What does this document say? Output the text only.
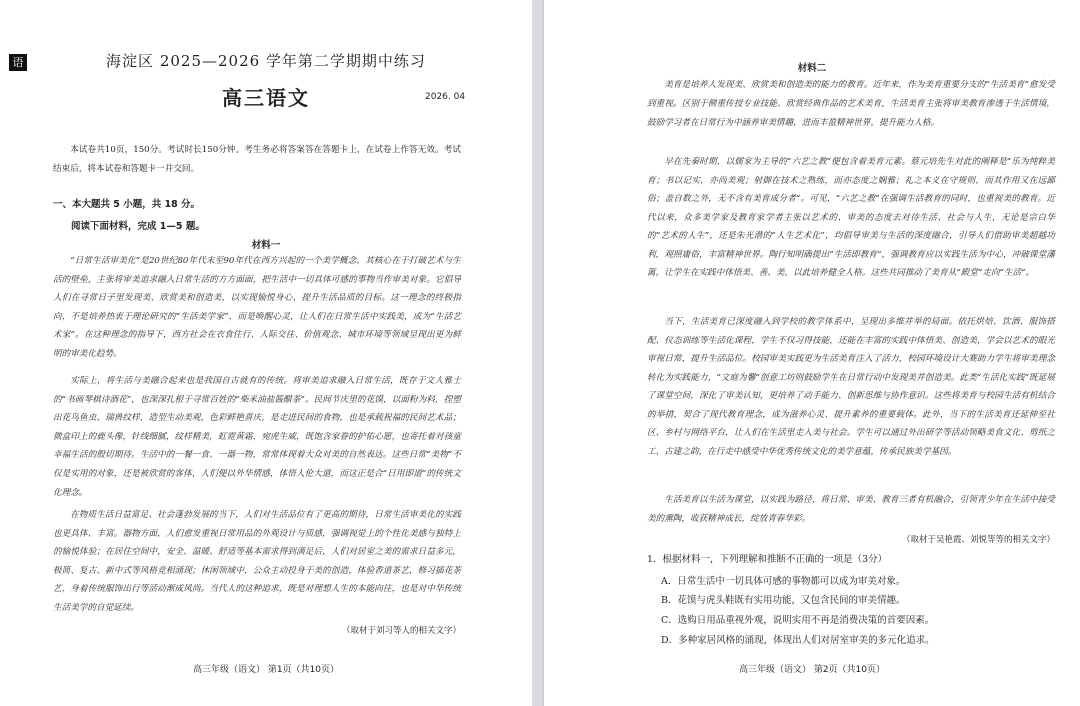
语	海淀区 2025—2026 学年第二学期期中练习
高三语文	2026. 04
本试卷共10页，150分。考试时长150分钟。考生务必将答案答在答题卡上，在试卷上作答无效。考试结束后，将本试卷和答题卡一并交回。
一、本大题共 5 小题，共 18 分。
阅读下面材料，完成 1—5 题。
材料一
“日常生活审美化”是20世纪80年代末至90年代在西方兴起的一个美学概念，其核心在于打破艺术与生活的壁垒，主张将审美追求融入日常生活的方方面面，把生活中一切具体可感的事物当作审美对象。它倡导人们在寻常日子里发现美、欣赏美和创造美，以实现愉悦身心、提升生活品质的目标。这一理念的终极指向，不是培养热衷于理论研究的“生活美学家”，而是唤醒心灵，让人们在日常生活中实践美，成为“生活艺术家”。在这种理念的指导下，西方社会在衣食住行、人际交往、价值观念、城市环境等领域呈现出更为鲜明的审美化趋势。
实际上，将生活与美融合起来也是我国自古就有的传统。将审美追求融入日常生活，既存于文人雅士的“书画琴棋诗酒花”，也深深扎根于寻常百姓的“柴米油盐酱醋茶”。民间节庆里的花馍，以面粉为料，捏塑出花鸟鱼虫、瑞兽纹样，造型生动美观，色彩鲜艳喜庆，是走进民间的食物，也是承载祝福的民间艺术品；微盒印上的鹿头像，针线细腻，纹样精美，虹霓黄霜，宛虎生威，既饱含家眷的护佑心愿，也寄托着对孩童幸福生活的殷切期待。生活中的一餐一食、一器一物，常常体现着大众对美的自然表达。这些日常“美物”不仅是实用的对象，还是被欣赏的客体，人们便以外华情感，体悟人伦大道，而这正是合“日用即道”的传统文化理念。
在物质生活日益富足、社会蓬勃发展的当下，人们对生活品位有了更高的期待，日常生活审美化的实践也更具体、丰富。器物方面，人们愈发重视日常用品的外观设计与质感，强调视觉上的个性化美感与独特上的愉悦体验；在居住空间中，安全、温暖、舒适等基本需求得到满足后，人们对居室之美的需求日益多元，极简、复古、新中式等风格竞相涌现；休闲领域中，公众主动投身于美的创造，体验香道茶艺，修习插花茶艺，身着传统服饰出行等活动渐成风尚。当代人的这种追求，既是对理想人生的本能向往，也是对中华传统生活美学的自觉延续。
（取材于刘习等人的相关文字）
高三年级（语文） 第1页（共10页）
材料二
美育是培养人发现美、欣赏美和创造美的能力的教育。近年来，作为美育重要分支的“生活美育”愈发受到重视。区别于侧重传授专业技能、欣赏经典作品的艺术美育，生活美育主张将审美教育渗透于生活情境，鼓励学习者在日常行为中涵养审美情趣，进而丰盈精神世界，提升能力人格。
早在先秦时期，以儒家为主导的“六艺之教”便包含着美育元素。蔡元培先生对此的阐释是“乐为纯粹美育；书以记实，亦尚美观；射御在技术之熟练，而亦态度之娴雅；礼之本义在守规则，而其作用又在远鄙俗；盖自数之外，无不含有美育成分者”。可见，“六艺之教”在强调生活教育的同时，也重视美的教育。近代以来，众多美学家及教育家学者主张以艺术的、审美的态度去对待生活、社会与人生，无论是宗白华的“艺术的人生”，还是朱光潜的“人生艺术化”，均倡导审美与生活的深度融合，引导人们借助审美超越功利，观照庸俗，丰富精神世界。陶行知明确提出“生活即教育”，强调教育应以实践生活为中心，冲破课堂藩篱，让学生在实践中体悟美、善、美，以此培养健全人格。这些共同推动了美育从“殿堂”走向“生活”。
当下，生活美育已深度融入到学校的教学体系中，呈现出多维并举的局面。依托烘焙、饮酒、服饰搭配、仪态训练等生活化课程，学生不仅习得技能，还能在丰富的实践中体悟美、创造美，学会以艺术的眼光审视日常，提升生活品位。校园审美实践更为生活美育注入了活力，校园环境设计大赛助力学生将审美理念转化为实践能力，“文庭为馨”创意工坊则鼓励学生在日常行动中发现美并创造美。此类“生活化实践”既延展了课堂空间，深化了审美认知，更培养了动手能力、创新思维与协作意识。这些将美育与校园生活有机结合的举措，契合了现代教育理念，成为滋养心灵、提升素养的重要载体。此外，当下的生活美育还延伸至社区、乡村与网络平台，让人们在生活里走入美与社会。学生可以通过外出研学等活动领略美食文化、剪纸之工、古建之韵，在行走中感受中华优秀传统文化的美学意蕴，传承民族美学基因。
生活美育以生活为课堂，以实践为路径，将日常、审美、教育三者有机融合，引领青少年在生活中接受美的熏陶，收获精神成长，绽放青春华彩。
（取材于吴艳霞、刘悦等等的相关文字）
1．根据材料一，下列理解和推断不正确的一项是（3分）
A．日常生活中一切具体可感的事物都可以成为审美对象。
B．花馍与虎头鞋既有实用功能，又包含民间的审美情趣。
C．选购日用品重视外观，说明实用不再是消费决策的首要因素。
D．多种家居风格的涌现，体现出人们对居室审美的多元化追求。
高三年级（语文） 第2页（共10页）
